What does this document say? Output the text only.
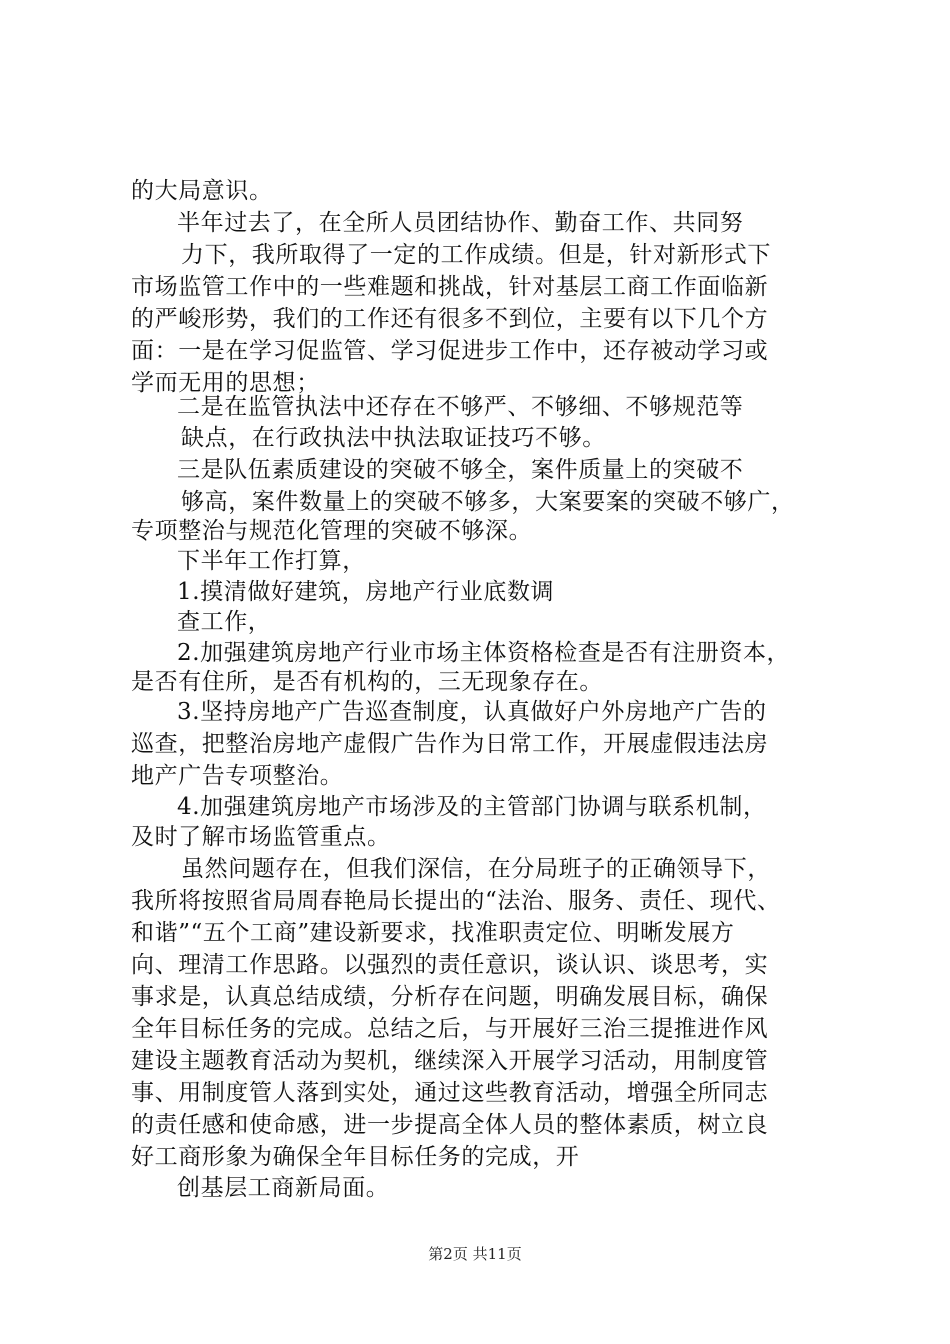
的大局意识。
半年过去了，在全所人员团结协作、勤奋工作、共同努
力下，我所取得了一定的工作成绩。但是，针对新形式下
市场监管工作中的一些难题和挑战，针对基层工商工作面临新
的严峻形势，我们的工作还有很多不到位，主要有以下几个方
面：一是在学习促监管、学习促进步工作中，还存被动学习或
学而无用的思想；
二是在监管执法中还存在不够严、不够细、不够规范等
缺点，在行政执法中执法取证技巧不够。
三是队伍素质建设的突破不够全，案件质量上的突破不
够高，案件数量上的突破不够多，大案要案的突破不够广，
专项整治与规范化管理的突破不够深。
下半年工作打算，
1.摸清做好建筑，房地产行业底数调
查工作，
2.加强建筑房地产行业市场主体资格检查是否有注册资本，
是否有住所，是否有机构的，三无现象存在。
3.坚持房地产广告巡查制度，认真做好户外房地产广告的
巡查，把整治房地产虚假广告作为日常工作，开展虚假违法房
地产广告专项整治。
4.加强建筑房地产市场涉及的主管部门协调与联系机制，
及时了解市场监管重点。
虽然问题存在，但我们深信，在分局班子的正确领导下，
我所将按照省局周春艳局长提出的“法治、服务、责任、现代、
和谐”“五个工商”建设新要求，找准职责定位、明晰发展方
向、理清工作思路。以强烈的责任意识，谈认识、谈思考，实
事求是，认真总结成绩，分析存在问题，明确发展目标，确保
全年目标任务的完成。总结之后，与开展好三治三提推进作风
建设主题教育活动为契机，继续深入开展学习活动，用制度管
事、用制度管人落到实处，通过这些教育活动，增强全所同志
的责任感和使命感，进一步提高全体人员的整体素质，树立良
好工商形象为确保全年目标任务的完成，开
创基层工商新局面。
第2页 共11页
